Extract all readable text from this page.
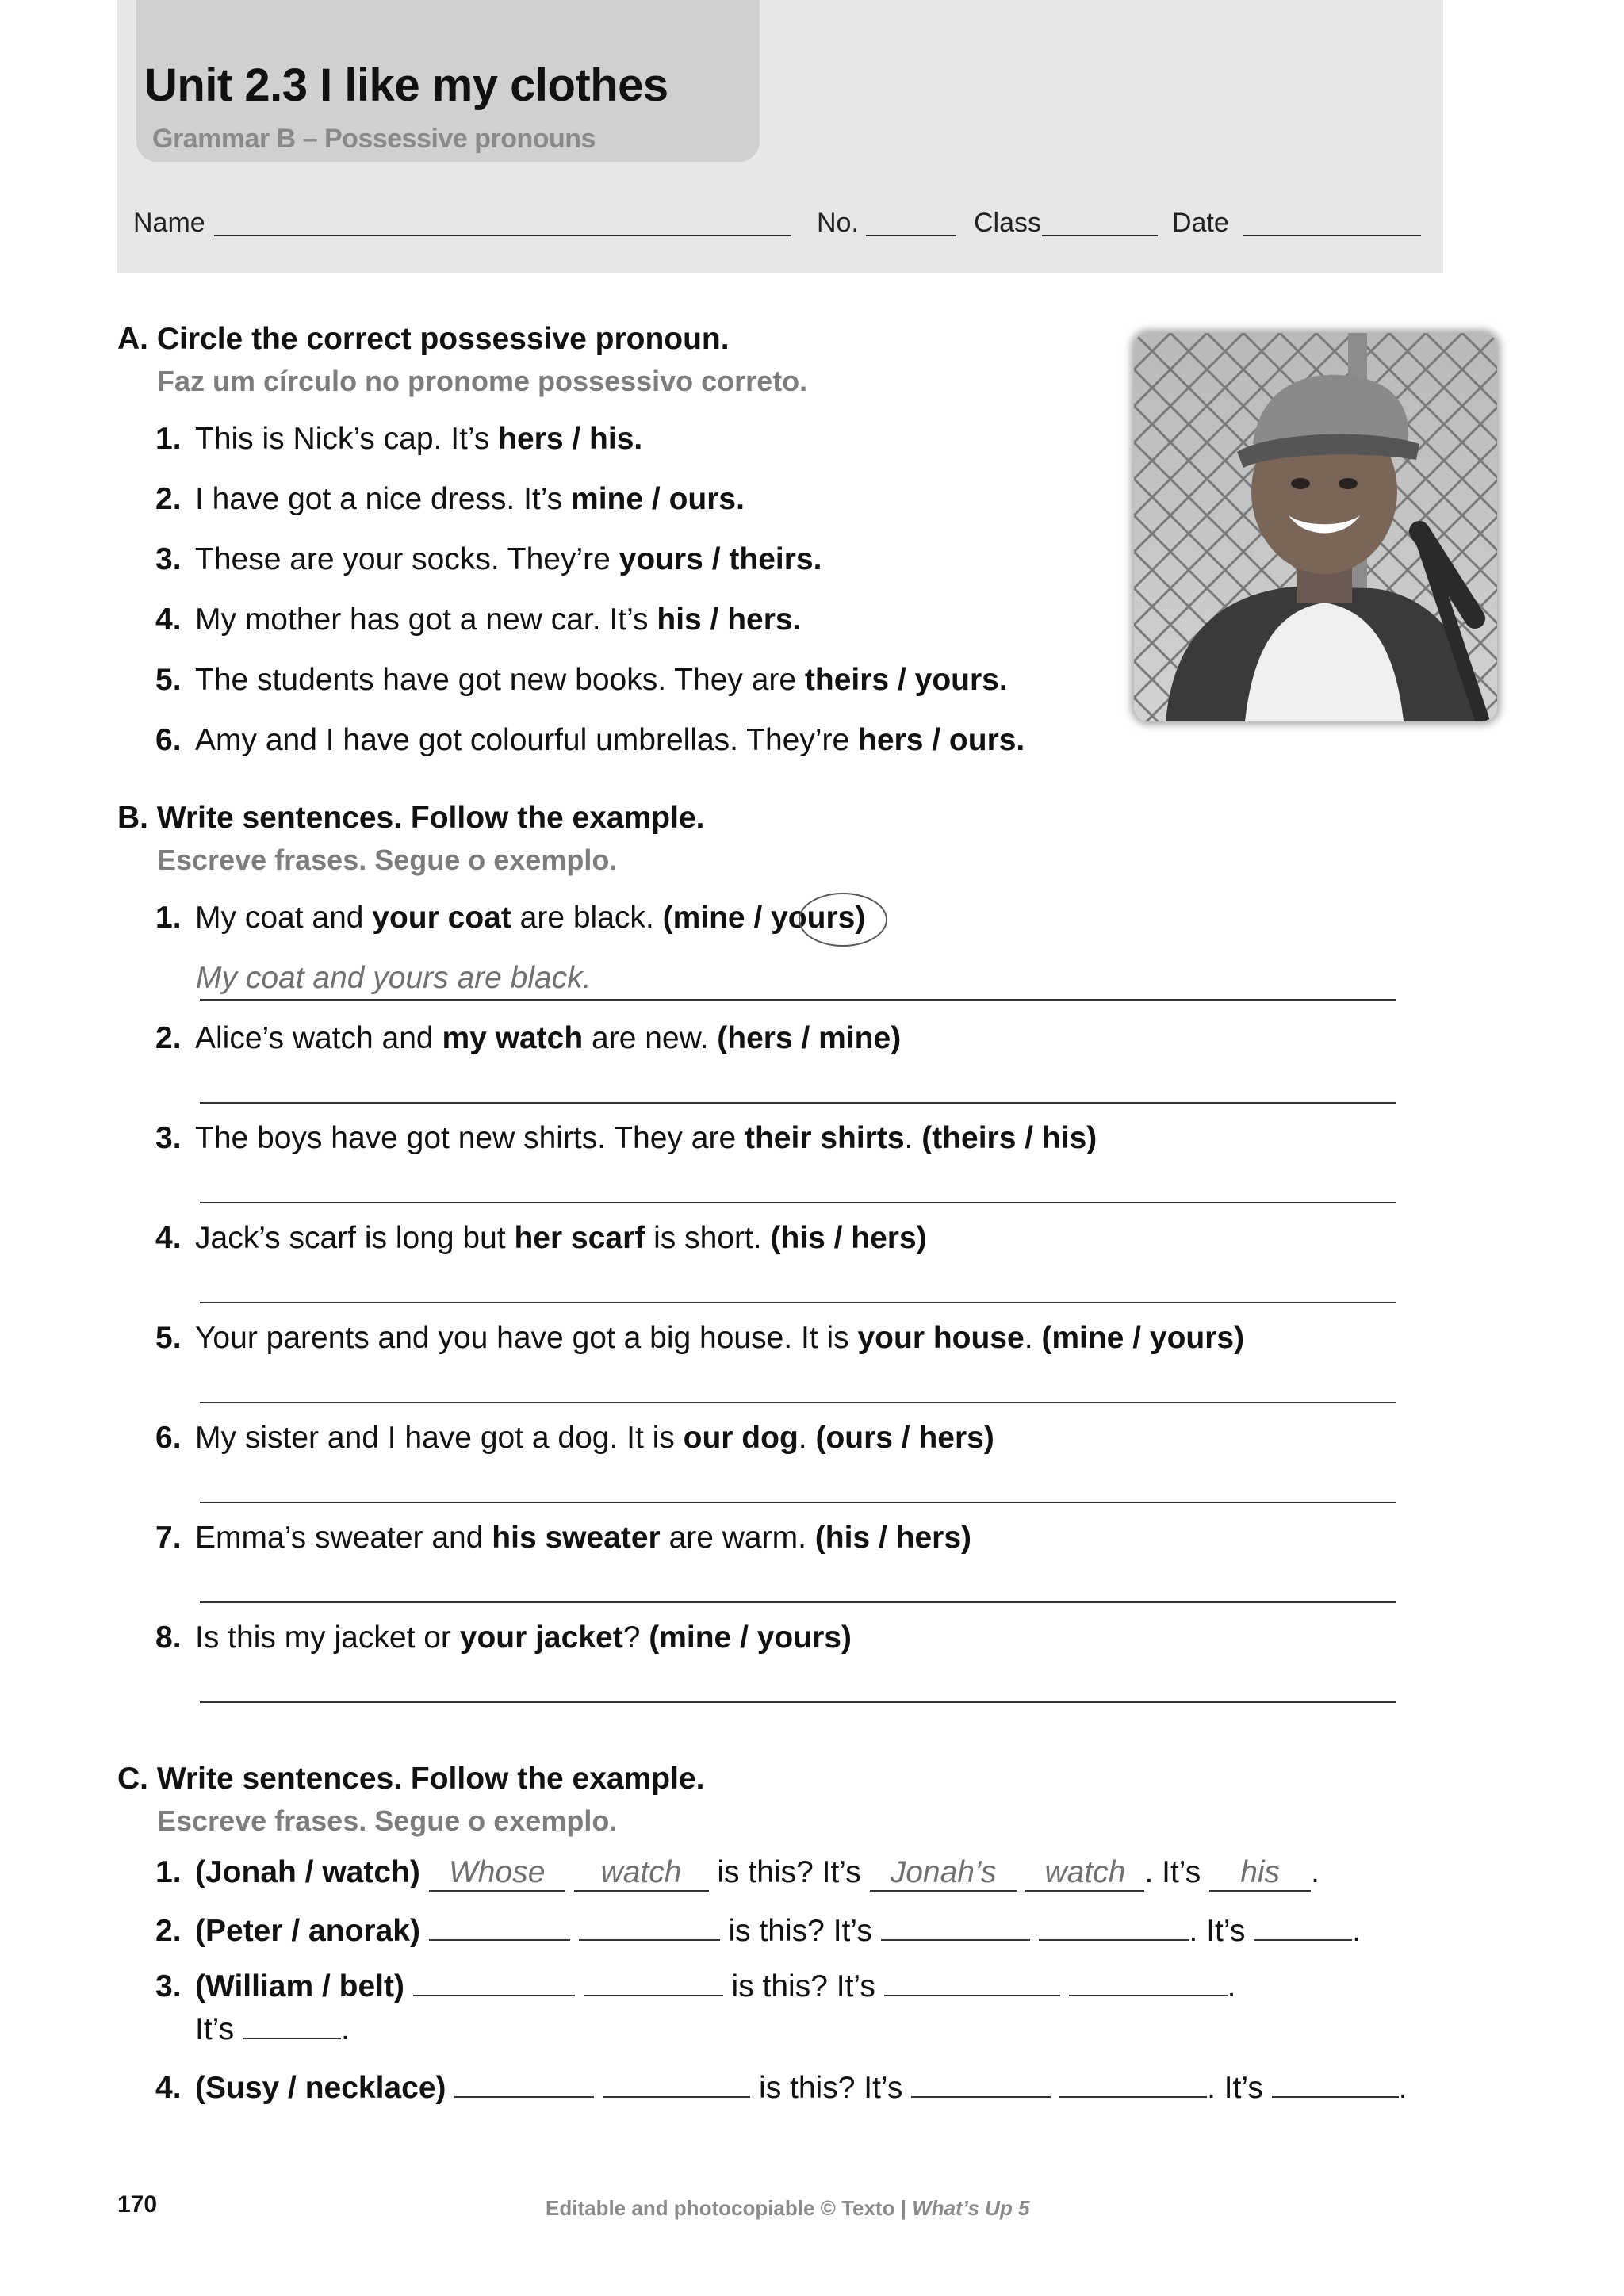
Unit 2.3 I like my clothes
Grammar B – Possessive pronouns
Name	No.	Class	Date
A. Circle the correct possessive pronoun.
Faz um círculo no pronome possessivo correto.
1. This is Nick’s cap. It’s hers / his.
2. I have got a nice dress. It’s mine / ours.
3. These are your socks. They’re yours / theirs.
4. My mother has got a new car. It’s his / hers.
5. The students have got new books. They are theirs / yours.
6. Amy and I have got colourful umbrellas. They’re hers / ours.
B. Write sentences. Follow the example.
Escreve frases. Segue o exemplo.
1. My coat and your coat are black. (mine / yours)
My coat and yours are black.
2. Alice’s watch and my watch are new. (hers / mine)
3. The boys have got new shirts. They are their shirts. (theirs / his)
4. Jack’s scarf is long but her scarf is short. (his / hers)
5. Your parents and you have got a big house. It is your house. (mine / yours)
6. My sister and I have got a dog. It is our dog. (ours / hers)
7. Emma’s sweater and his sweater are warm. (his / hers)
8. Is this my jacket or your jacket? (mine / yours)
C. Write sentences. Follow the example.
Escreve frases. Segue o exemplo.
1. (Jonah / watch) Whose watch is this? It’s Jonah’s watch . It’s his .
2. (Peter / anorak)	is this? It’s	. It’s	.
3. (William / belt)	is this? It’s	.
It’s	.
4. (Susy / necklace)	is this? It’s	. It’s	.
170	Editable and photocopiable © Texto | What’s Up 5
